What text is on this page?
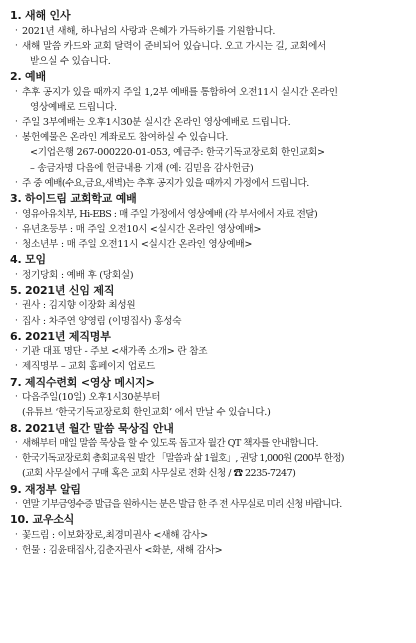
1. 새해 인사
· 2021년 새해, 하나님의 사랑과 은혜가 가득하기를 기원합니다.
· 새해 말씀 카드와 교회 달력이 준비되어 있습니다. 오고 가시는 길, 교회에서
받으실 수 있습니다.
2. 예배
· 추후 공지가 있을 때까지 주일 1,2부 예배를 통합하여 오전11시 실시간 온라인
영상예배로 드립니다.
· 주일 3부예배는 오후1시30분 실시간 온라인 영상예배로 드립니다.
· 봉헌예물은 온라인 계좌로도 참여하실 수 있습니다.
<기업은행 267-000220-01-053, 예금주: 한국기독교장로회 한인교회>
– 송금자명 다음에 헌금내용 기재 (예: 김믿음 감사헌금)
· 주 중 예배(수요,금요,새벽)는 추후 공지가 있을 때까지 가정에서 드립니다.
3. 하이드림 교회학교 예배
· 영유아유치부, Hi-EBS : 매 주일 가정에서 영상예배 (각 부서에서 자료 전달)
· 유년초등부 : 매 주일 오전10시 <실시간 온라인 영상예배>
· 청소년부 : 매 주일 오전11시 <실시간 온라인 영상예배>
4. 모임
· 정기당회 : 예배 후 (당회실)
5. 2021년 신임 제직
· 권사 : 김지향 이장화 최성원
· 집사 : 차주연 양영림 (이명집사) 홍성숙
6. 2021년 제직명부
· 기관 대표 명단 - 주보 <새가족 소개> 란 참조
· 제직명부 – 교회 홈페이지 업로드
7. 제직수련회 <영상 메시지>
· 다음주일(10일) 오후1시30분부터
(유튜브 ‘한국기독교장로회 한인교회’ 에서 만날 수 있습니다.)
8. 2021년 월간 말씀 묵상집 안내
· 새해부터 매일 말씀 묵상을 할 수 있도록 돕고자 월간 QT 책자를 안내합니다.
· 한국기독교장로회 총회교육원 발간 「말씀과 삶 1월호」, 권당 1,000원 (200부 한정)
(교회 사무실에서 구매 혹은 교회 사무실로 전화 신청 / ☎ 2235-7247)
9. 재정부 알림
· 연말 기부금영수증 발급을 원하시는 분은 발급 한 주 전 사무실로 미리 신청 바랍니다.
10. 교우소식
· 꽃드림 : 이보화장로,최경미권사 <새해 감사>
· 헌물 : 김윤태집사,김춘자권사 <화분, 새해 감사>
